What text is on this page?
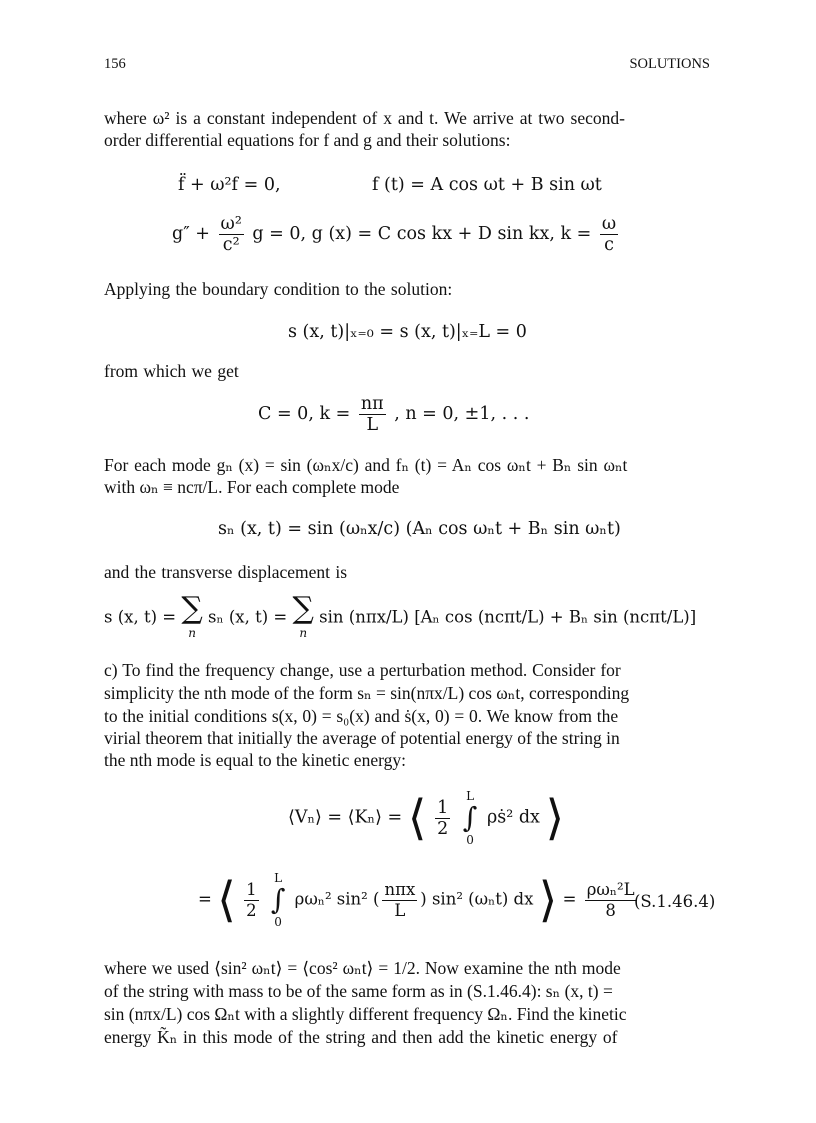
156	SOLUTIONS
where ω² is a constant independent of x and t. We arrive at two second-
order differential equations for f and g and their solutions:
f̈ + ω²f = 0,	f (t) = A cos ωt + B sin ωt
$g'' + \frac{\text{ω²}}{\text{c²}}$ g = 0, g (x) = C cos kx + D sin kx, $k = \frac{\omega}{c}$
Applying the boundary condition to the solution:
s (x, t)|ₓ₌₀ = s (x, t)|ₓ₌L = 0
from which we get
C = 0, $k = \frac{n\pi}{L}$ , n = 0, ±1, . . .
For each mode gₙ (x) = sin (ωₙx/c) and fₙ (t) = Aₙ cos ωₙt + Bₙ sin ωₙt
with ωₙ ≡ ncπ/L. For each complete mode
sₙ (x, t) = sin (ωₙx/c) (Aₙ cos ωₙt + Bₙ sin ωₙt)
and the transverse displacement is
s (x, t) = ∑
n
sₙ (x, t) = ∑
n
sin (nπx/L) [Aₙ cos (ncπt/L) + Bₙ sin (ncπt/L)]
c) To find the frequency change, use a perturbation method. Consider for
simplicity the nth mode of the form sₙ = sin(nπx/L) cos ωₙt, corresponding
to the initial conditions s(x, 0) = s₀(x) and ṡ(x, 0) = 0. We know from the
virial theorem that initially the average of potential energy of the string in
the nth mode is equal to the kinetic energy:
⟨Vₙ⟩ = ⟨Kₙ⟩ = ⟨ $\frac{1}{2}$

L
∫
0
ρṡ² dx ⟩
= ⟨ $\frac{1}{2}$

L
∫
0
ρωₙ² sin² ( $\frac{\text{nπx}}{L}$ ) sin² (ωₙt) dx ⟩ = $\frac{\text{ρωₙ²L}}{8}$
(S.1.46.4)
where we used ⟨sin² ωₙt⟩ = ⟨cos² ωₙt⟩ = 1/2. Now examine the nth mode
of the string with mass to be of the same form as in (S.1.46.4): sₙ (x, t) =
sin (nπx/L) cos Ωₙt with a slightly different frequency Ωₙ. Find the kinetic
energy K̃ₙ in this mode of the string and then add the kinetic energy of
